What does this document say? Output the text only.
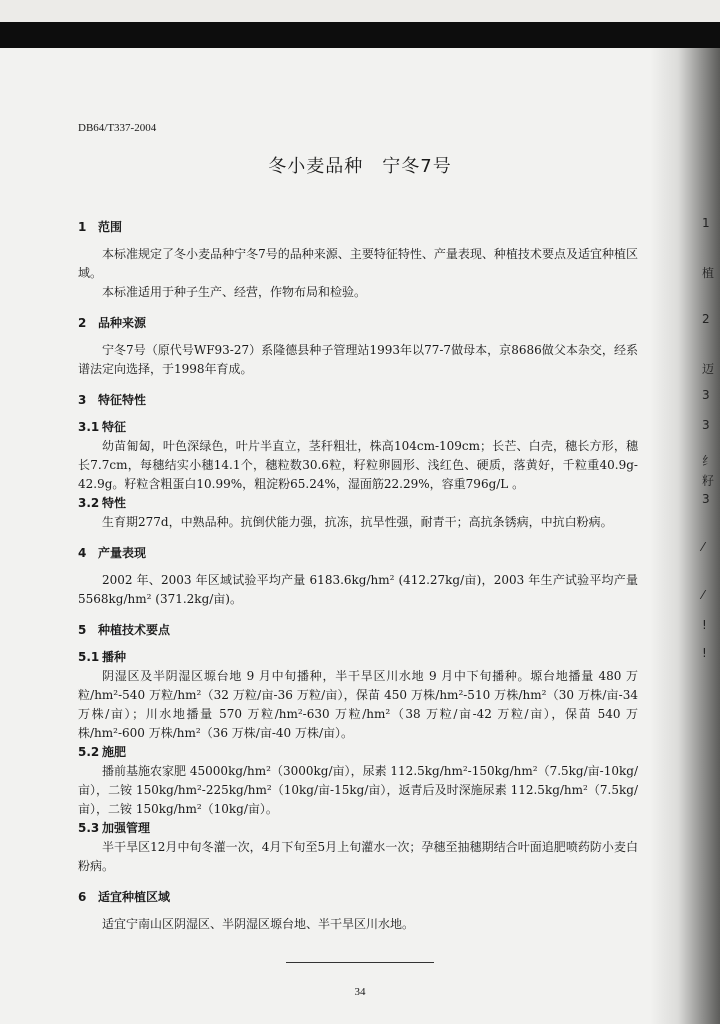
1
植
2
迈
3
3
纟
籽
3
⁄
⁄
!
!
DB64/T337-2004
冬小麦品种　宁冬7号

1 范围

本标准规定了冬小麦品种宁冬7号的品种来源、主要特征特性、产量表现、种植技术要点及适宜种植区域。

本标准适用于种子生产、经营，作物布局和检验。

2 品种来源

宁冬7号（原代号WF93-27）系隆德县种子管理站1993年以77-7做母本，京8686做父本杂交，经系谱法定向选择，于1998年育成。

3 特征特性

3.1 特征

幼苗匍匐，叶色深绿色，叶片半直立，茎秆粗壮，株高104cm-109cm；长芒、白壳，穗长方形，穗长7.7cm，每穗结实小穗14.1个，穗粒数30.6粒，籽粒卵圆形、浅红色、硬质，落黄好，千粒重40.9g-42.9g。籽粒含粗蛋白10.99%，粗淀粉65.24%，湿面筋22.29%，容重796g/L 。

3.2 特性

生育期277d，中熟品种。抗倒伏能力强，抗冻，抗旱性强，耐青干；高抗条锈病，中抗白粉病。

4 产量表现

2002 年、2003 年区域试验平均产量 6183.6kg/hm² (412.27kg/亩)，2003 年生产试验平均产量 5568kg/hm² (371.2kg/亩)。

5 种植技术要点

5.1 播种

阴湿区及半阴湿区塬台地 9 月中旬播种，半干旱区川水地 9 月中下旬播种。塬台地播量 480 万粒/hm²-540 万粒/hm²（32 万粒/亩-36 万粒/亩），保苗 450 万株/hm²-510 万株/hm²（30 万株/亩-34 万株/亩）；川水地播量 570 万粒/hm²-630 万粒/hm²（38 万粒/亩-42 万粒/亩），保苗 540 万株/hm²-600 万株/hm²（36 万株/亩-40 万株/亩）。

5.2 施肥

播前基施农家肥 45000kg/hm²（3000kg/亩），尿素 112.5kg/hm²-150kg/hm²（7.5kg/亩-10kg/亩），二铵 150kg/hm²-225kg/hm²（10kg/亩-15kg/亩），返青后及时深施尿素 112.5kg/hm²（7.5kg/亩），二铵 150kg/hm²（10kg/亩）。

5.3 加强管理

半干旱区12月中旬冬灌一次，4月下旬至5月上旬灌水一次；孕穗至抽穗期结合叶面追肥喷药防小麦白粉病。

6 适宜种植区域

适宜宁南山区阴湿区、半阴湿区塬台地、半干旱区川水地。

34
